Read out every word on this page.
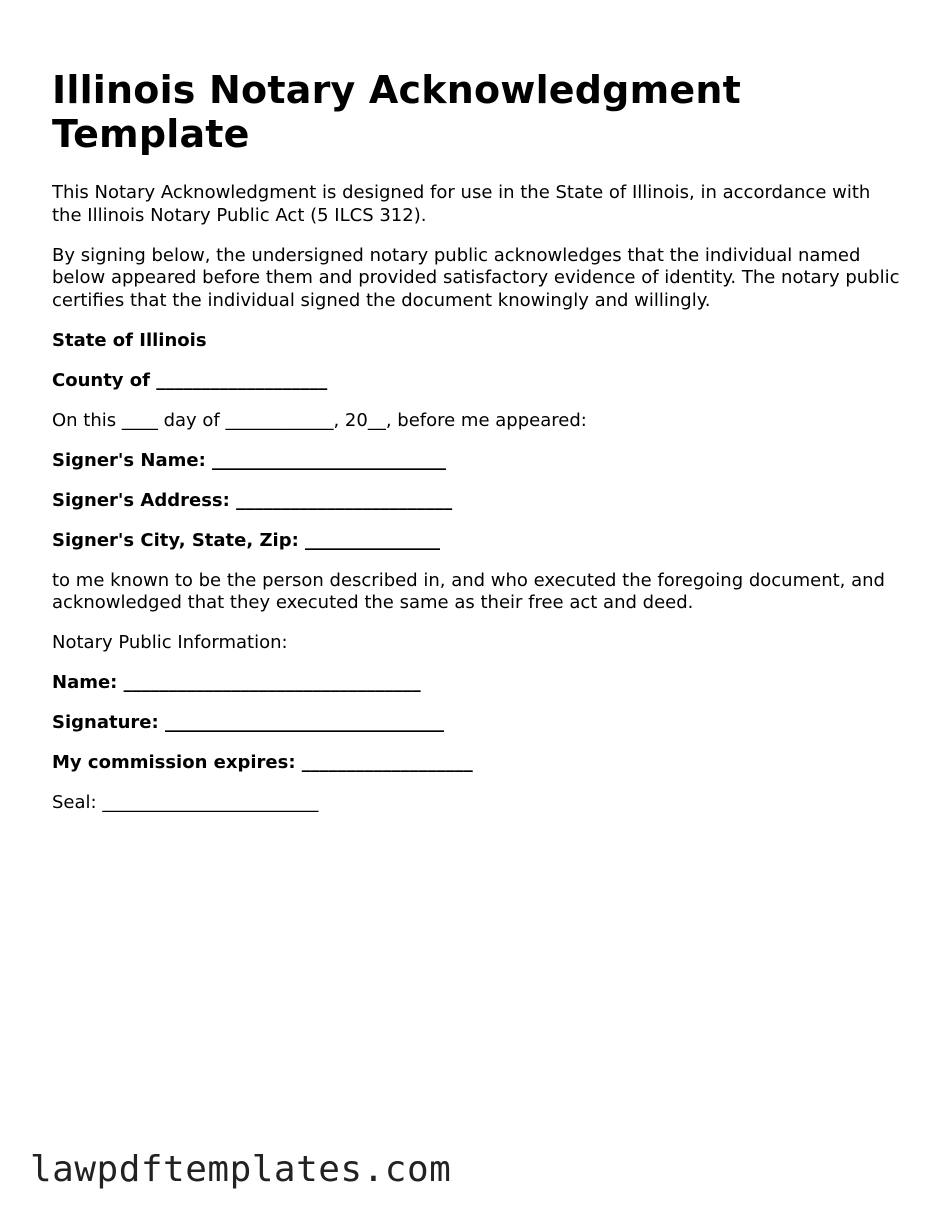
Illinois Notary Acknowledgment Template

This Notary Acknowledgment is designed for use in the State of Illinois, in accordance with the Illinois Notary Public Act (5 ILCS 312).

By signing below, the undersigned notary public acknowledges that the individual named below appeared before them and provided satisfactory evidence of identity. The notary public certifies that the individual signed the document knowingly and willingly.

State of Illinois

County of ___________________

On this ____ day of ____________, 20__, before me appeared:

Signer's Name: __________________________

Signer's Address: ________________________

Signer's City, State, Zip: _______________

to me known to be the person described in, and who executed the foregoing document, and acknowledged that they executed the same as their free act and deed.

Notary Public Information:

Name: _________________________________

Signature: _______________________________

My commission expires: ___________________

Seal: ________________________

lawpdftemplates.com
